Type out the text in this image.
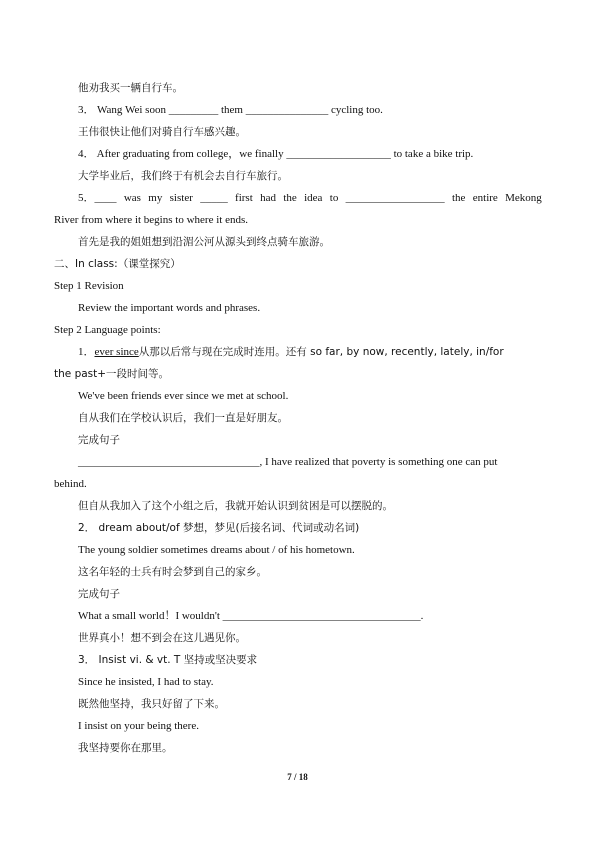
他劝我买一辆自行车。
3． Wang Wei soon _________ them _______________ cycling too.
王伟很快让他们对骑自行车感兴趣。
4． After graduating from college，we finally ___________________ to take a bike trip.
大学毕业后，我们终于有机会去自行车旅行。
5．____ was my sister _____ first had the idea to __________________ the entire Mekong
River from where it begins to where it ends.
首先是我的姐姐想到沿湄公河从源头到终点骑车旅游。
二、In class:（课堂探究）
Step 1 Revision
Review the important words and phrases.
Step 2 Language points:
1．ever since从那以后常与现在完成时连用。还有 so far, by now, recently, lately, in/for
the past+一段时间等。
We've been friends ever since we met at school.
自从我们在学校认识后，我们一直是好朋友。
完成句子
_________________________________, I have realized that poverty is something one can put
behind.
但自从我加入了这个小组之后，我就开始认识到贫困是可以摆脱的。
2． dream about/of 梦想，梦见(后接名词、代词或动名词)
The young soldier sometimes dreams about / of his hometown.
这名年轻的士兵有时会梦到自己的家乡。
完成句子
What a small world！I wouldn't ____________________________________.
世界真小！想不到会在这儿遇见你。
3． Insist vi. & vt. T 坚持或坚决要求
Since he insisted, I had to stay.
既然他坚持，我只好留了下来。
I insist on your being there.
我坚持要你在那里。
7 / 18
